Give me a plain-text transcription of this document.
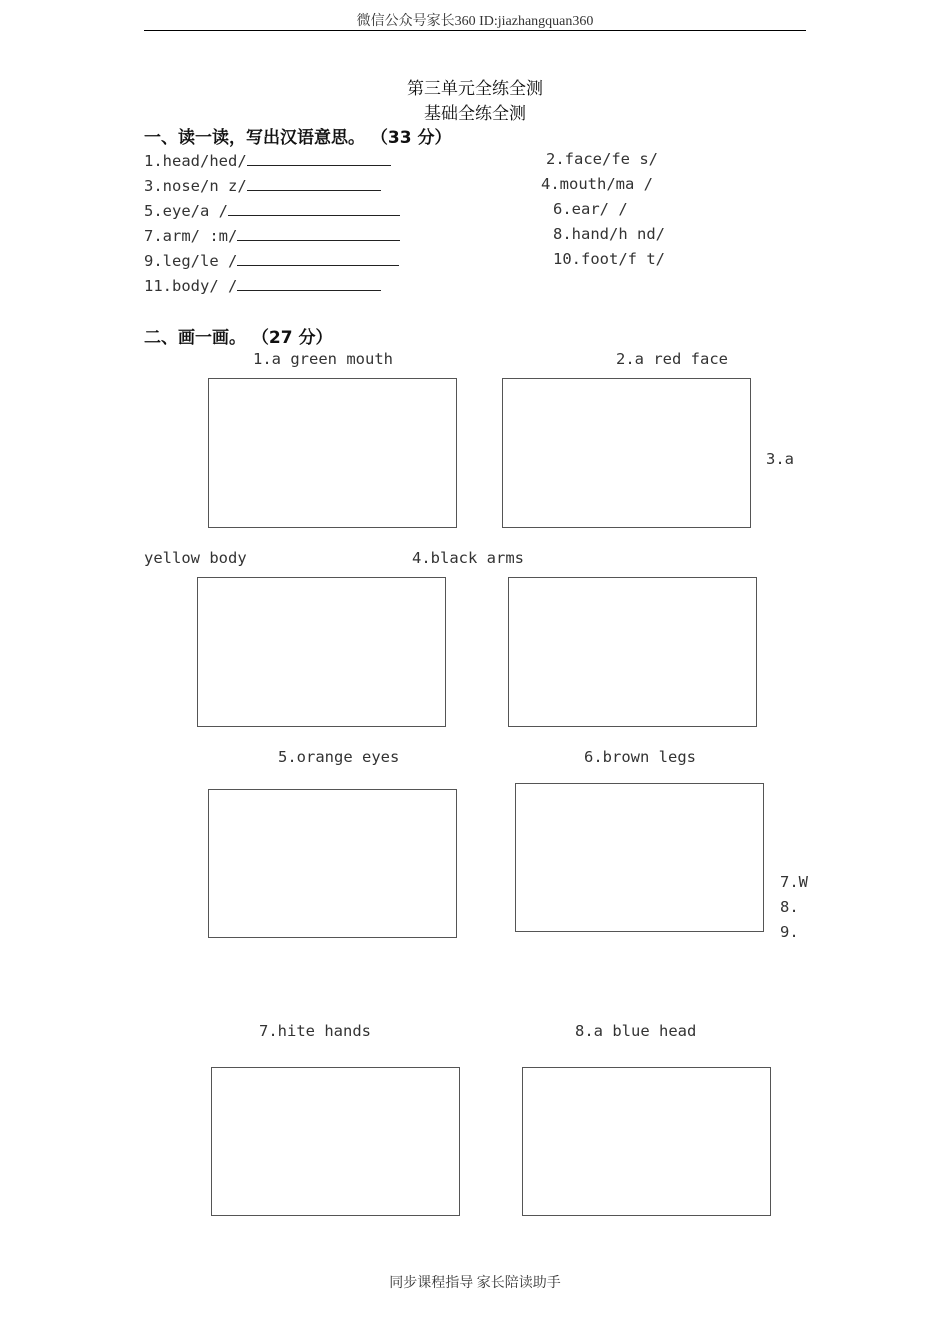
微信公众号家长360 ID:jiazhangquan360
第三单元全练全测
基础全练全测
一、读一读，写出汉语意思。 （33 分）
1.head/hed/	2.face/fe s/
3.nose/n z/	4.mouth/ma /
5.eye/a /	6.ear/ /
7.arm/ :m/	8.hand/h nd/
9.leg/le /	10.foot/f t/
11.body/ /
二、画一画。 （27 分）
1.a green mouth	2.a red face
3.a
yellow body	4.black arms
5.orange eyes	6.brown legs
7.W
8.
9.
7.hite hands	8.a blue head
同步课程指导 家长陪读助手
